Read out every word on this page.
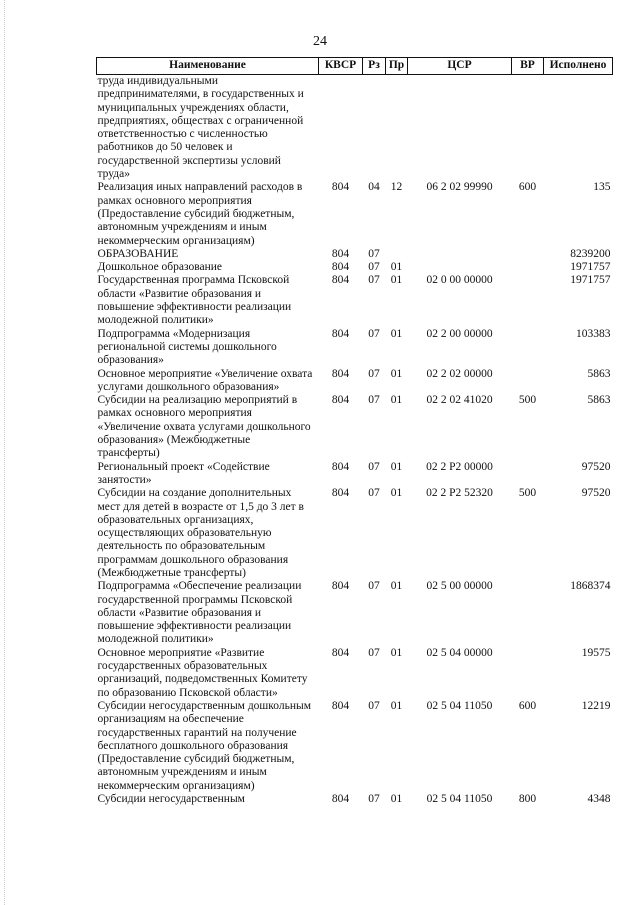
24
Наименование	КВСР	Рз	Пр	ЦСР	ВР	Исполнено
труда индивидуальными предпринимателями, в государственных и муниципальных учреждениях области, предприятиях, обществах с ограниченной ответственностью с численностью работников до 50 человек и государственной экспертизы условий труда»						
Реализация иных направлений расходов в рамках основного мероприятия (Предоставление субсидий бюджетным, автономным учреждениям и иным некоммерческим организациям)	804	04	12	06 2 02 99990	600	135
ОБРАЗОВАНИЕ	804	07				8239200
Дошкольное образование	804	07	01			1971757
Государственная программа Псковской области «Развитие образования и повышение эффективности реализации молодежной политики»	804	07	01	02 0 00 00000		1971757
Подпрограмма «Модернизация региональной системы дошкольного образования»	804	07	01	02 2 00 00000		103383
Основное мероприятие «Увеличение охвата услугами дошкольного образования»	804	07	01	02 2 02 00000		5863
Субсидии на реализацию мероприятий в рамках основного мероприятия «Увеличение охвата услугами дошкольного образования» (Межбюджетные трансферты)	804	07	01	02 2 02 41020	500	5863
Региональный проект «Содействие занятости»	804	07	01	02 2 Р2 00000		97520
Субсидии на создание дополнительных мест для детей в возрасте от 1,5 до 3 лет в образовательных организациях, осуществляющих образовательную деятельность по образовательным программам дошкольного образования (Межбюджетные трансферты)	804	07	01	02 2 Р2 52320	500	97520
Подпрограмма «Обеспечение реализации государственной программы Псковской области «Развитие образования и повышение эффективности реализации молодежной политики»	804	07	01	02 5 00 00000		1868374
Основное мероприятие «Развитие государственных образовательных организаций, подведомственных Комитету по образованию Псковской области»	804	07	01	02 5 04 00000		19575
Субсидии негосударственным дошкольным организациям на обеспечение государственных гарантий на получение бесплатного дошкольного образования (Предоставление субсидий бюджетным, автономным учреждениям и иным некоммерческим организациям)	804	07	01	02 5 04 11050	600	12219
Субсидии негосударственным	804	07	01	02 5 04 11050	800	4348
